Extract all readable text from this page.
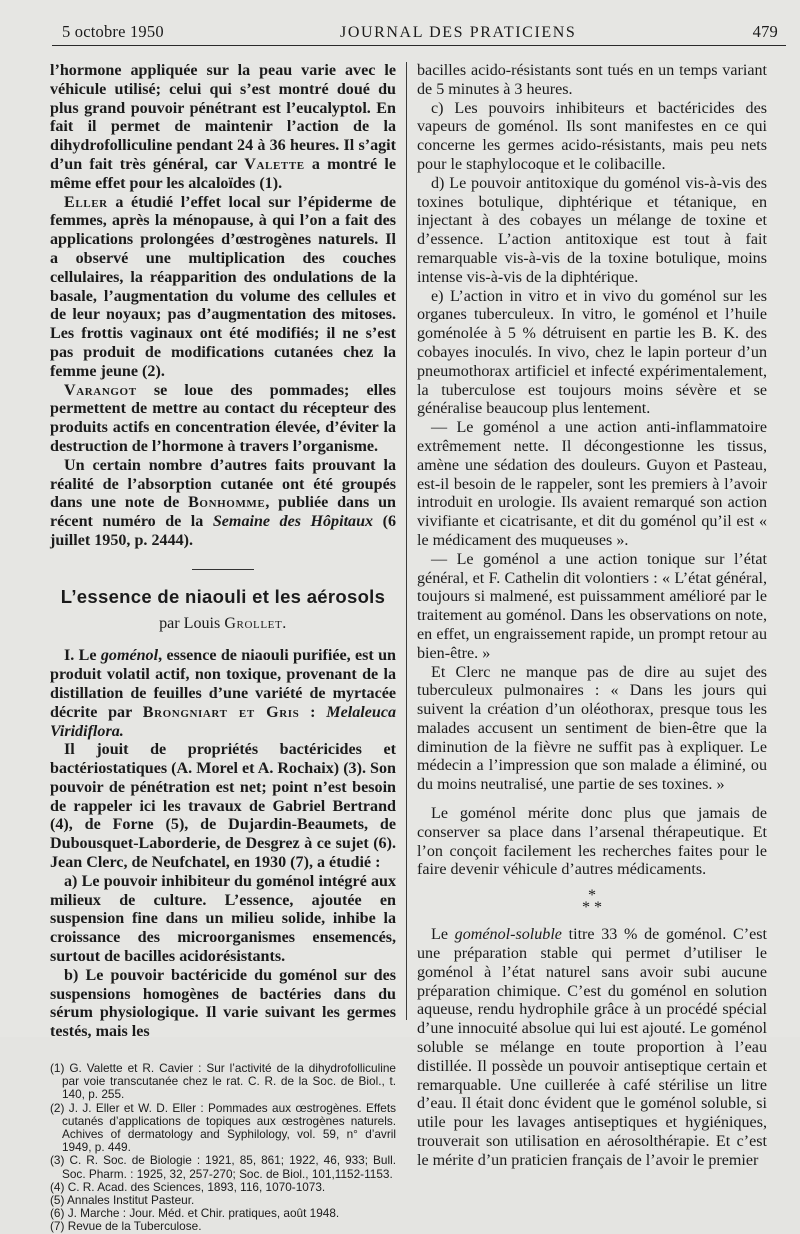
5 octobre 1950	JOURNAL DES PRATICIENS	479

l’hormone appliquée sur la peau varie avec le véhicule utilisé; celui qui s’est montré doué du plus grand pouvoir pénétrant est l’eucalyptol. En fait il permet de maintenir l’action de la dihydrofolliculine pendant 24 à 36 heures. Il s’agit d’un fait très général, car Valette a montré le même effet pour les alcaloïdes (1).

Eller a étudié l’effet local sur l’épiderme de femmes, après la ménopause, à qui l’on a fait des applications prolongées d’œstrogènes naturels. Il a observé une multiplication des couches cellulaires, la réapparition des ondulations de la basale, l’augmentation du volume des cellules et de leur noyaux; pas d’augmentation des mitoses. Les frottis vaginaux ont été modifiés; il ne s’est pas produit de modifications cutanées chez la femme jeune (2).

Varangot se loue des pommades; elles permettent de mettre au contact du récepteur des produits actifs en concentration élevée, d’éviter la destruction de l’hormone à travers l’organisme.

Un certain nombre d’autres faits prouvant la réalité de l’absorption cutanée ont été groupés dans une note de Bonhomme, publiée dans un récent numéro de la Semaine des Hôpitaux (6 juillet 1950, p. 2444).

L’essence de niaouli et les aérosols

par Louis Grollet.

I. Le goménol, essence de niaouli purifiée, est un produit volatil actif, non toxique, provenant de la distillation de feuilles d’une variété de myrtacée décrite par Brongniart et Gris : Melaleuca Viridiflora.

Il jouit de propriétés bactéricides et bactériostatiques (A. Morel et A. Rochaix) (3). Son pouvoir de pénétration est net; point n’est besoin de rappeler ici les travaux de Gabriel Bertrand (4), de Forne (5), de Dujardin-Beaumets, de Dubousquet-Laborderie, de Desgrez à ce sujet (6). Jean Clerc, de Neufchatel, en 1930 (7), a étudié :

a) Le pouvoir inhibiteur du goménol intégré aux milieux de culture. L’essence, ajoutée en suspension fine dans un milieu solide, inhibe la croissance des microorganismes ensemencés, surtout de bacilles acidorésistants.

b) Le pouvoir bactéricide du goménol sur des suspensions homogènes de bactéries dans du sérum physiologique. Il varie suivant les germes testés, mais les

(1) G. Valette et R. Cavier : Sur l’activité de la dihydrofolliculine par voie transcutanée chez le rat. C. R. de la Soc. de Biol., t. 140, p. 255.

(2) J. J. Eller et W. D. Eller : Pommades aux œstrogènes. Effets cutanés d’applications de topiques aux œstrogènes naturels. Achives of dermatology and Syphilology, vol. 59, n° d’avril 1949, p. 449.

(3) C. R. Soc. de Biologie : 1921, 85, 861; 1922, 46, 933; Bull. Soc. Pharm. : 1925, 32, 257-270; Soc. de Biol., 101,1152-1153.

(4) C. R. Acad. des Sciences, 1893, 116, 1070-1073.

(5) Annales Institut Pasteur.

(6) J. Marche : Jour. Méd. et Chir. pratiques, août 1948.

(7) Revue de la Tuberculose.

bacilles acido-résistants sont tués en un temps variant de 5 minutes à 3 heures.

c) Les pouvoirs inhibiteurs et bactéricides des vapeurs de goménol. Ils sont manifestes en ce qui concerne les germes acido-résistants, mais peu nets pour le staphylocoque et le colibacille.

d) Le pouvoir antitoxique du goménol vis-à-vis des toxines botulique, diphtérique et tétanique, en injectant à des cobayes un mélange de toxine et d’essence. L’action antitoxique est tout à fait remarquable vis-à-vis de la toxine botulique, moins intense vis-à-vis de la diphtérique.

e) L’action in vitro et in vivo du goménol sur les organes tuberculeux. In vitro, le goménol et l’huile goménolée à 5 % détruisent en partie les B. K. des cobayes inoculés. In vivo, chez le lapin porteur d’un pneumothorax artificiel et infecté expérimentalement, la tuberculose est toujours moins sévère et se généralise beaucoup plus lentement.

— Le goménol a une action anti-inflammatoire extrêmement nette. Il décongestionne les tissus, amène une sédation des douleurs. Guyon et Pasteau, est-il besoin de le rappeler, sont les premiers à l’avoir introduit en urologie. Ils avaient remarqué son action vivifiante et cicatrisante, et dit du goménol qu’il est « le médicament des muqueuses ».

— Le goménol a une action tonique sur l’état général, et F. Cathelin dit volontiers : « L’état général, toujours si malmené, est puissamment amélioré par le traitement au goménol. Dans les observations on note, en effet, un engraissement rapide, un prompt retour au bien-être. »

Et Clerc ne manque pas de dire au sujet des tuberculeux pulmonaires : « Dans les jours qui suivent la création d’un oléothorax, presque tous les malades accusent un sentiment de bien-être que la diminution de la fièvre ne suffit pas à expliquer. Le médecin a l’impression que son malade a éliminé, ou du moins neutralisé, une partie de ses toxines. »

Le goménol mérite donc plus que jamais de conserver sa place dans l’arsenal thérapeutique. Et l’on conçoit facilement les recherches faites pour le faire devenir véhicule d’autres médicaments.

*
* *

Le goménol-soluble titre 33 % de goménol. C’est une préparation stable qui permet d’utiliser le goménol à l’état naturel sans avoir subi aucune préparation chimique. C’est du goménol en solution aqueuse, rendu hydrophile grâce à un procédé spécial d’une innocuité absolue qui lui est ajouté. Le goménol soluble se mélange en toute proportion à l’eau distillée. Il possède un pouvoir antiseptique certain et remarquable. Une cuillerée à café stérilise un litre d’eau. Il était donc évident que le goménol soluble, si utile pour les lavages antiseptiques et hygiéniques, trouverait son utilisation en aérosolthérapie. Et c’est le mérite d’un praticien français de l’avoir le premier
